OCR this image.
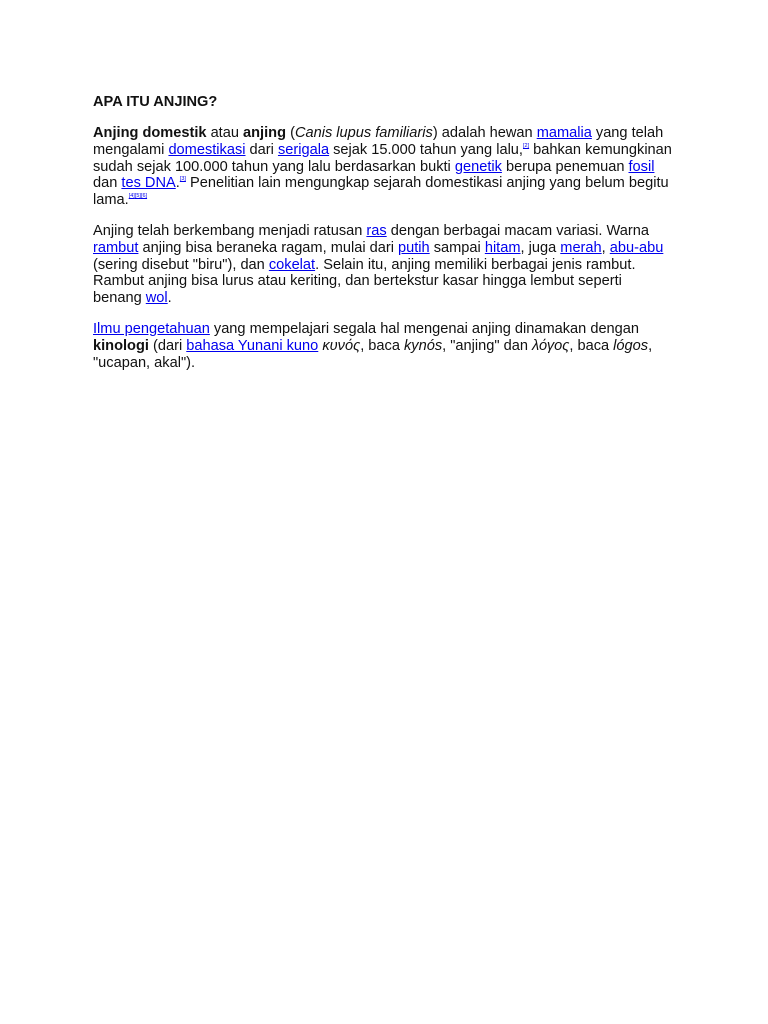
APA ITU ANJING?

Anjing domestik atau anjing (Canis lupus familiaris) adalah hewan mamalia yang telah mengalami domestikasi dari serigala sejak 15.000 tahun yang lalu,[2] bahkan kemungkinan sudah sejak 100.000 tahun yang lalu berdasarkan bukti genetik berupa penemuan fosil dan tes DNA.[3] Penelitian lain mengungkap sejarah domestikasi anjing yang belum begitu lama.[4][5][6]

Anjing telah berkembang menjadi ratusan ras dengan berbagai macam variasi. Warna rambut anjing bisa beraneka ragam, mulai dari putih sampai hitam, juga merah, abu-abu (sering disebut "biru"), dan cokelat. Selain itu, anjing memiliki berbagai jenis rambut. Rambut anjing bisa lurus atau keriting, dan bertekstur kasar hingga lembut seperti benang wol.

Ilmu pengetahuan yang mempelajari segala hal mengenai anjing dinamakan dengan kinologi (dari bahasa Yunani kuno κυνός, baca kynós, "anjing" dan λόγος, baca lógos, "ucapan, akal").
